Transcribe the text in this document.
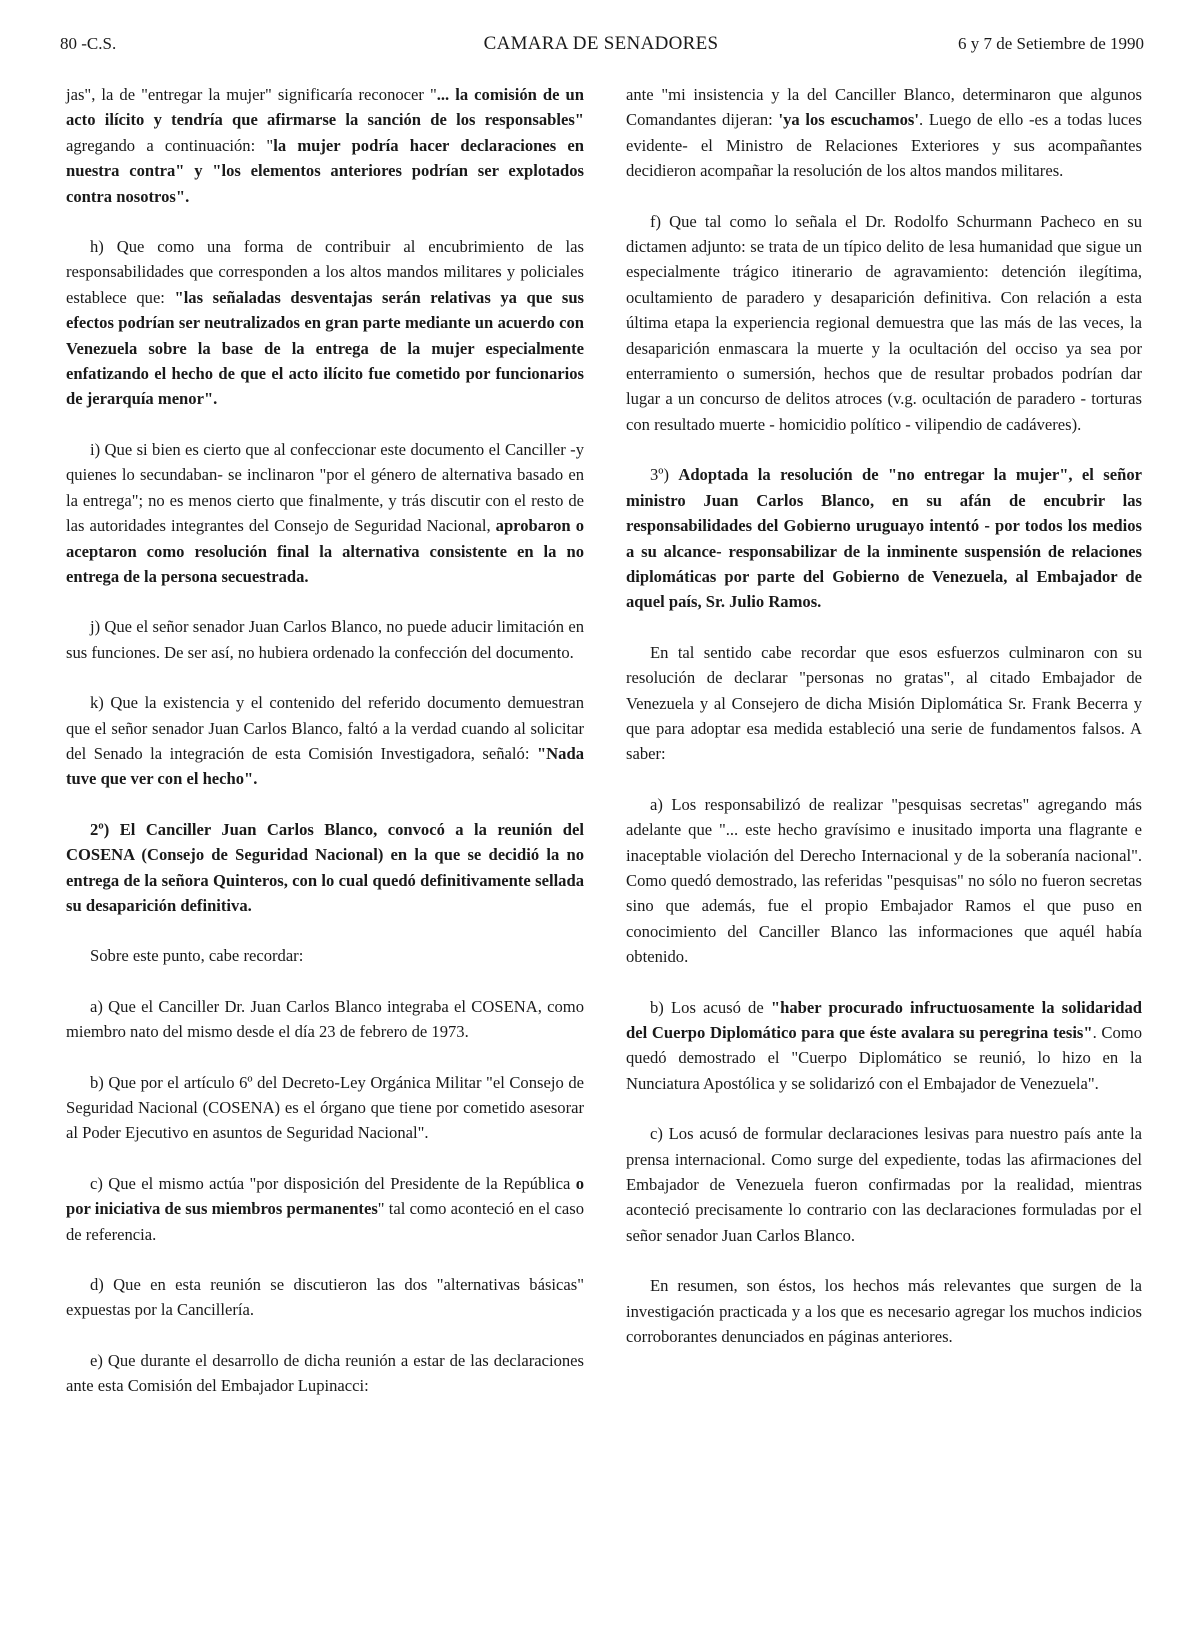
80 -C.S.	CAMARA DE SENADORES	6 y 7 de Setiembre de 1990

jas", la de "entregar la mujer" significaría reconocer "... la comisión de un acto ilícito y tendría que afirmarse la sanción de los responsables" agregando a continuación: "la mujer podría hacer declaraciones en nuestra contra" y "los elementos anteriores podrían ser explotados contra nosotros".

h) Que como una forma de contribuir al encubrimiento de las responsabilidades que corresponden a los altos mandos militares y policiales establece que: "las señaladas desventajas serán relativas ya que sus efectos podrían ser neutralizados en gran parte mediante un acuerdo con Venezuela sobre la base de la entrega de la mujer especialmente enfatizando el hecho de que el acto ilícito fue cometido por funcionarios de jerarquía menor".

i) Que si bien es cierto que al confeccionar este documento el Canciller -y quienes lo secundaban- se inclinaron "por el género de alternativa basado en la entrega"; no es menos cierto que finalmente, y trás discutir con el resto de las autoridades integrantes del Consejo de Seguridad Nacional, aprobaron o aceptaron como resolución final la alternativa consistente en la no entrega de la persona secuestrada.

j) Que el señor senador Juan Carlos Blanco, no puede aducir limitación en sus funciones. De ser así, no hubiera ordenado la confección del documento.

k) Que la existencia y el contenido del referido documento demuestran que el señor senador Juan Carlos Blanco, faltó a la verdad cuando al solicitar del Senado la integración de esta Comisión Investigadora, señaló: "Nada tuve que ver con el hecho".

2º) El Canciller Juan Carlos Blanco, convocó a la reunión del COSENA (Consejo de Seguridad Nacional) en la que se decidió la no entrega de la señora Quinteros, con lo cual quedó definitivamente sellada su desaparición definitiva.

Sobre este punto, cabe recordar:

a) Que el Canciller Dr. Juan Carlos Blanco integraba el COSENA, como miembro nato del mismo desde el día 23 de febrero de 1973.

b) Que por el artículo 6º del Decreto-Ley Orgánica Militar "el Consejo de Seguridad Nacional (COSENA) es el órgano que tiene por cometido asesorar al Poder Ejecutivo en asuntos de Seguridad Nacional".

c) Que el mismo actúa "por disposición del Presidente de la República o por iniciativa de sus miembros permanentes" tal como aconteció en el caso de referencia.

d) Que en esta reunión se discutieron las dos "alternativas básicas" expuestas por la Cancillería.

e) Que durante el desarrollo de dicha reunión a estar de las declaraciones ante esta Comisión del Embajador Lupinacci:

ante "mi insistencia y la del Canciller Blanco, determinaron que algunos Comandantes dijeran: 'ya los escuchamos'. Luego de ello -es a todas luces evidente- el Ministro de Relaciones Exteriores y sus acompañantes decidieron acompañar la resolución de los altos mandos militares.

f) Que tal como lo señala el Dr. Rodolfo Schurmann Pacheco en su dictamen adjunto: se trata de un típico delito de lesa humanidad que sigue un especialmente trágico itinerario de agravamiento: detención ilegítima, ocultamiento de paradero y desaparición definitiva. Con relación a esta última etapa la experiencia regional demuestra que las más de las veces, la desaparición enmascara la muerte y la ocultación del occiso ya sea por enterramiento o sumersión, hechos que de resultar probados podrían dar lugar a un concurso de delitos atroces (v.g. ocultación de paradero - torturas con resultado muerte - homicidio político - vilipendio de cadáveres).

3º) Adoptada la resolución de "no entregar la mujer", el señor ministro Juan Carlos Blanco, en su afán de encubrir las responsabilidades del Gobierno uruguayo intentó - por todos los medios a su alcance- responsabilizar de la inminente suspensión de relaciones diplomáticas por parte del Gobierno de Venezuela, al Embajador de aquel país, Sr. Julio Ramos.

En tal sentido cabe recordar que esos esfuerzos culminaron con su resolución de declarar "personas no gratas", al citado Embajador de Venezuela y al Consejero de dicha Misión Diplomática Sr. Frank Becerra y que para adoptar esa medida estableció una serie de fundamentos falsos. A saber:

a) Los responsabilizó de realizar "pesquisas secretas" agregando más adelante que "... este hecho gravísimo e inusitado importa una flagrante e inaceptable violación del Derecho Internacional y de la soberanía nacional". Como quedó demostrado, las referidas "pesquisas" no sólo no fueron secretas sino que además, fue el propio Embajador Ramos el que puso en conocimiento del Canciller Blanco las informaciones que aquél había obtenido.

b) Los acusó de "haber procurado infructuosamente la solidaridad del Cuerpo Diplomático para que éste avalara su peregrina tesis". Como quedó demostrado el "Cuerpo Diplomático se reunió, lo hizo en la Nunciatura Apostólica y se solidarizó con el Embajador de Venezuela".

c) Los acusó de formular declaraciones lesivas para nuestro país ante la prensa internacional. Como surge del expediente, todas las afirmaciones del Embajador de Venezuela fueron confirmadas por la realidad, mientras aconteció precisamente lo contrario con las declaraciones formuladas por el señor senador Juan Carlos Blanco.

En resumen, son éstos, los hechos más relevantes que surgen de la investigación practicada y a los que es necesario agregar los muchos indicios corroborantes denunciados en páginas anteriores.
